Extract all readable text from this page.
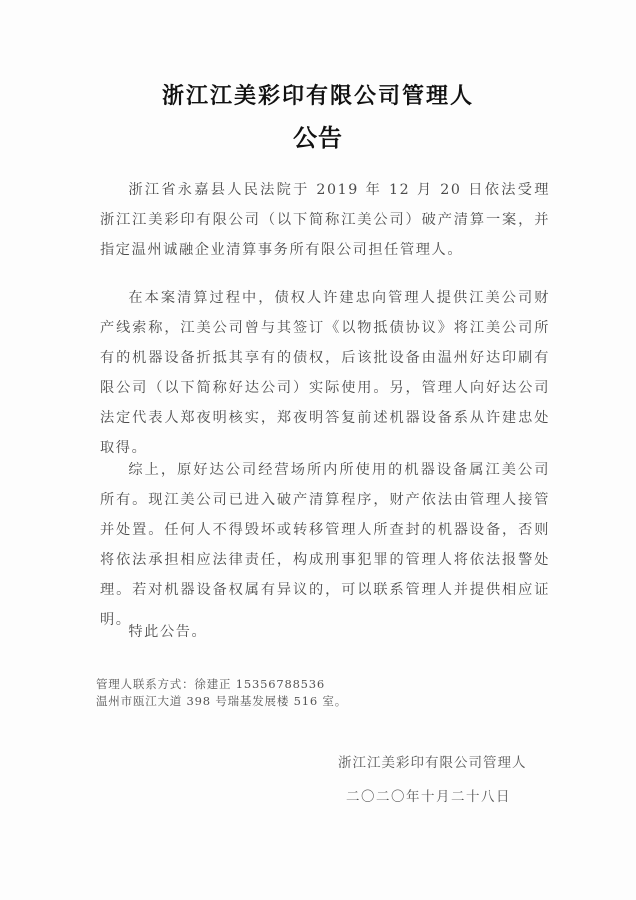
浙江江美彩印有限公司管理人
公告
浙江省永嘉县人民法院于 2019 年 12 月 20 日依法受理浙江江美彩印有限公司（以下简称江美公司）破产清算一案，并指定温州诚融企业清算事务所有限公司担任管理人。
在本案清算过程中，债权人许建忠向管理人提供江美公司财产线索称，江美公司曾与其签订《以物抵债协议》将江美公司所有的机器设备折抵其享有的债权，后该批设备由温州好达印刷有限公司（以下简称好达公司）实际使用。另，管理人向好达公司法定代表人郑夜明核实，郑夜明答复前述机器设备系从许建忠处取得。
综上，原好达公司经营场所内所使用的机器设备属江美公司所有。现江美公司已进入破产清算程序，财产依法由管理人接管并处置。任何人不得毁坏或转移管理人所查封的机器设备，否则将依法承担相应法律责任，构成刑事犯罪的管理人将依法报警处理。若对机器设备权属有异议的，可以联系管理人并提供相应证明。
特此公告。
管理人联系方式：徐建正 15356788536
温州市瓯江大道 398 号瑞基发展楼 516 室。
浙江江美彩印有限公司管理人
二〇二〇年十月二十八日
